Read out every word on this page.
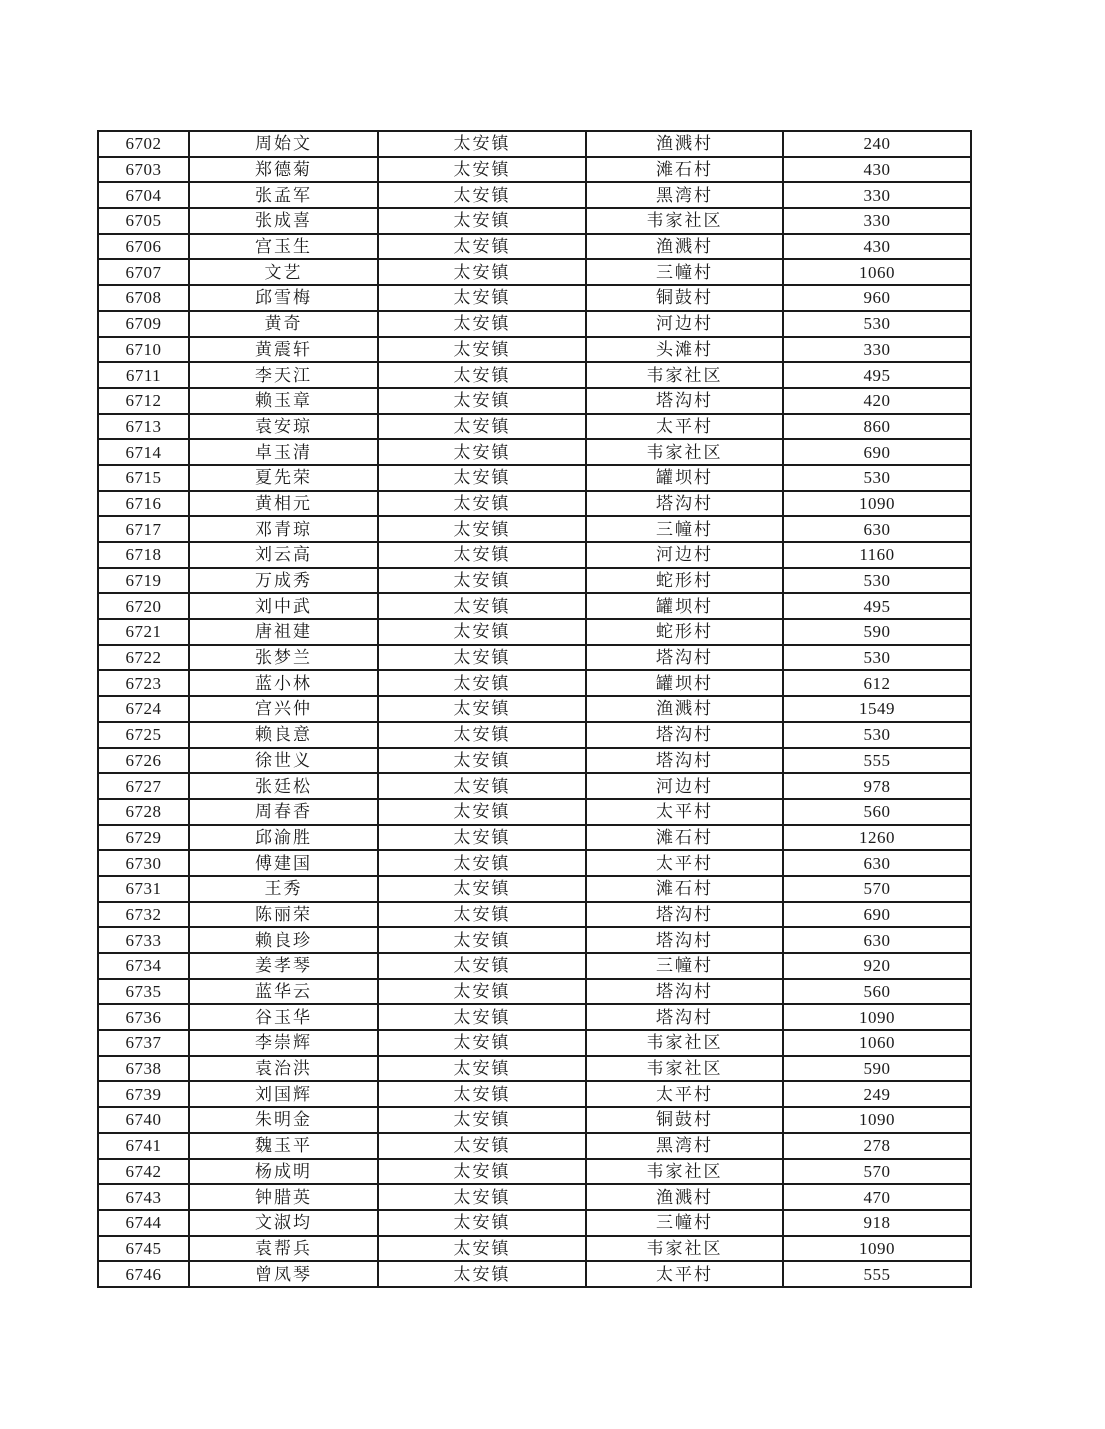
6702	周始文	太安镇	渔溅村	240
6703	郑德菊	太安镇	滩石村	430
6704	张孟军	太安镇	黑湾村	330
6705	张成喜	太安镇	韦家社区	330
6706	宫玉生	太安镇	渔溅村	430
6707	文艺	太安镇	三幢村	1060
6708	邱雪梅	太安镇	铜鼓村	960
6709	黄奇	太安镇	河边村	530
6710	黄震轩	太安镇	头滩村	330
6711	李天江	太安镇	韦家社区	495
6712	赖玉章	太安镇	塔沟村	420
6713	袁安琼	太安镇	太平村	860
6714	卓玉清	太安镇	韦家社区	690
6715	夏先荣	太安镇	罐坝村	530
6716	黄相元	太安镇	塔沟村	1090
6717	邓青琼	太安镇	三幢村	630
6718	刘云高	太安镇	河边村	1160
6719	万成秀	太安镇	蛇形村	530
6720	刘中武	太安镇	罐坝村	495
6721	唐祖建	太安镇	蛇形村	590
6722	张梦兰	太安镇	塔沟村	530
6723	蓝小林	太安镇	罐坝村	612
6724	宫兴仲	太安镇	渔溅村	1549
6725	赖良意	太安镇	塔沟村	530
6726	徐世义	太安镇	塔沟村	555
6727	张廷松	太安镇	河边村	978
6728	周春香	太安镇	太平村	560
6729	邱渝胜	太安镇	滩石村	1260
6730	傅建国	太安镇	太平村	630
6731	王秀	太安镇	滩石村	570
6732	陈丽荣	太安镇	塔沟村	690
6733	赖良珍	太安镇	塔沟村	630
6734	姜孝琴	太安镇	三幢村	920
6735	蓝华云	太安镇	塔沟村	560
6736	谷玉华	太安镇	塔沟村	1090
6737	李崇辉	太安镇	韦家社区	1060
6738	袁治洪	太安镇	韦家社区	590
6739	刘国辉	太安镇	太平村	249
6740	朱明金	太安镇	铜鼓村	1090
6741	魏玉平	太安镇	黑湾村	278
6742	杨成明	太安镇	韦家社区	570
6743	钟腊英	太安镇	渔溅村	470
6744	文淑均	太安镇	三幢村	918
6745	袁帮兵	太安镇	韦家社区	1090
6746	曾凤琴	太安镇	太平村	555
